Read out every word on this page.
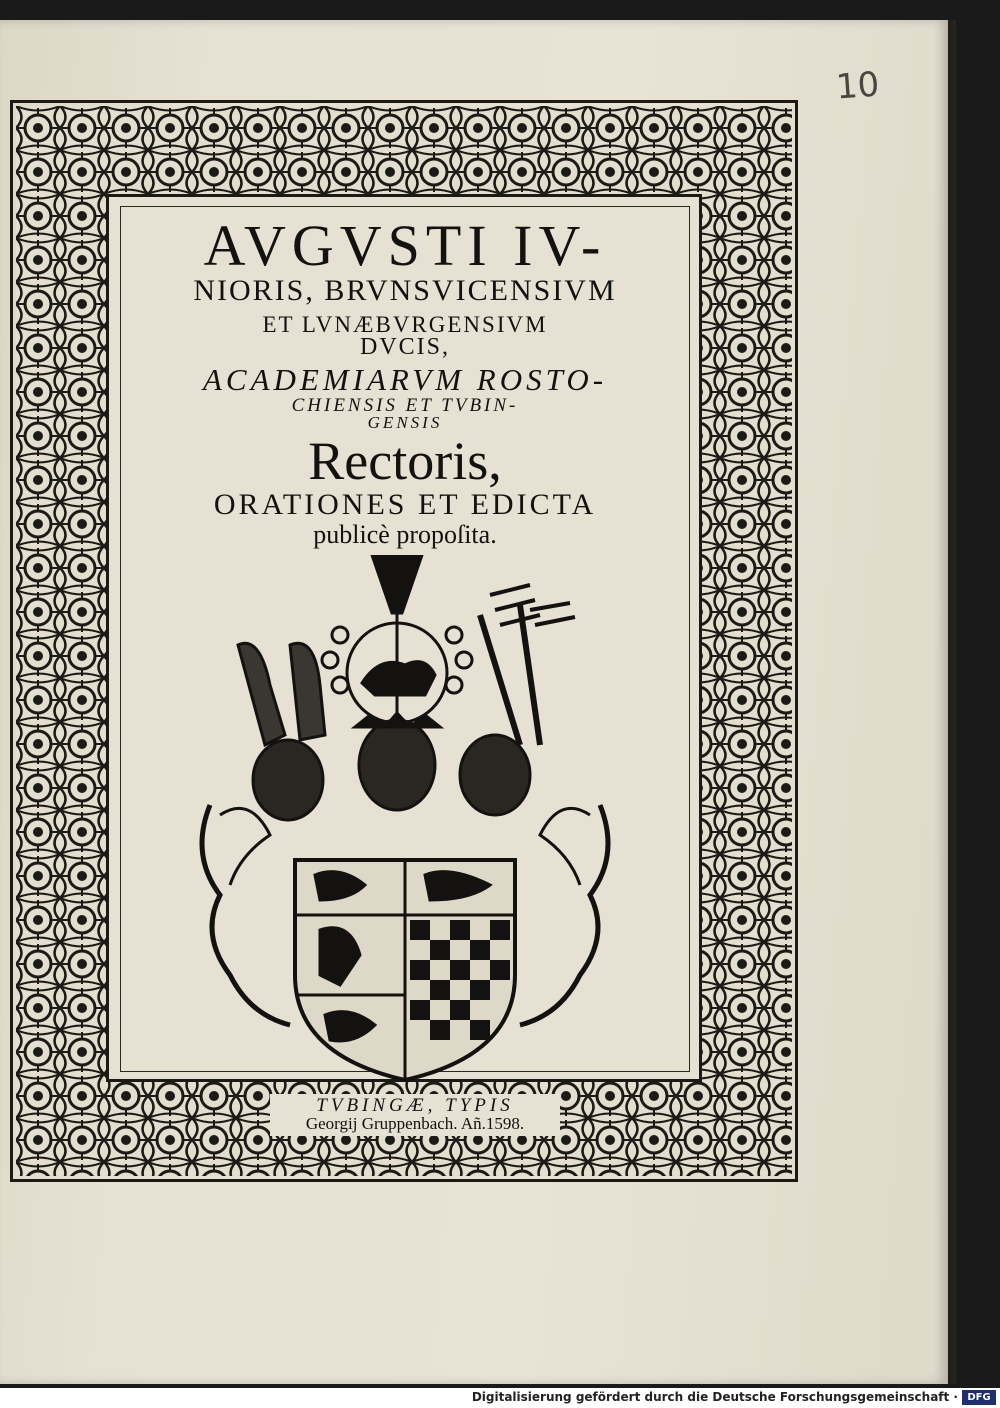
10
AVGVSTI IV-
NIORIS, BRVNSVICENSIVM
ET LVNÆBVRGENSIVM
DVCIS,
ACADEMIARVM ROSTO-
CHIENSIS ET TVBIN-
GENSIS
Rectoris,
ORATIONES ET EDICTA
publicè propoſita.
TVBINGÆ, TYPIS
Georgij Gruppenbach. Añ.1598.
Digitalisierung gefördert durch die Deutsche Forschungsgemeinschaft · DFG
